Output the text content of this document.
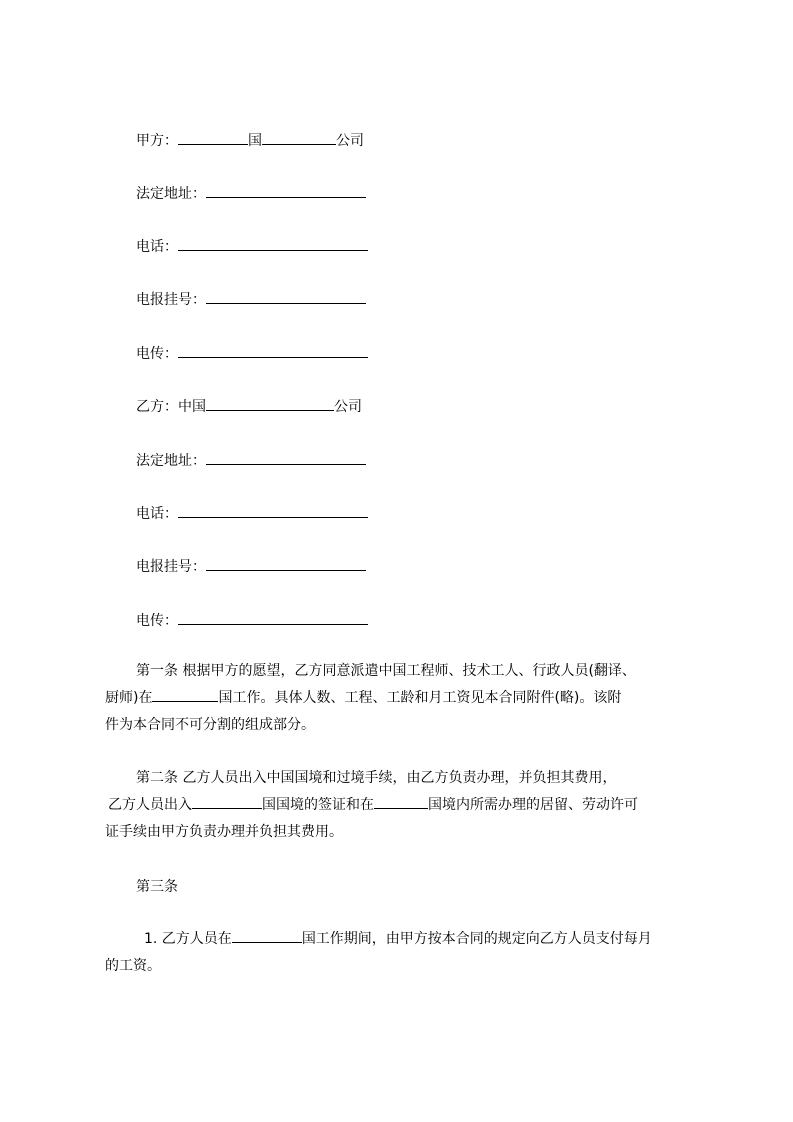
甲方：	国	公司
法定地址：
电话：
电报挂号：
电传：
乙方：中国	公司
法定地址：
电话：
电报挂号：
电传：
第一条 根据甲方的愿望，乙方同意派遣中国工程师、技术工人、行政人员(翻译、
厨师)在	国工作。具体人数、工程、工龄和月工资见本合同附件(略)。该附
件为本合同不可分割的组成部分。
第二条 乙方人员出入中国国境和过境手续，由乙方负责办理，并负担其费用，
乙方人员出入	国国境的签证和在	国境内所需办理的居留、劳动许可
证手续由甲方负责办理并负担其费用。
第三条
1. 乙方人员在	国工作期间，由甲方按本合同的规定向乙方人员支付每月
的工资。
